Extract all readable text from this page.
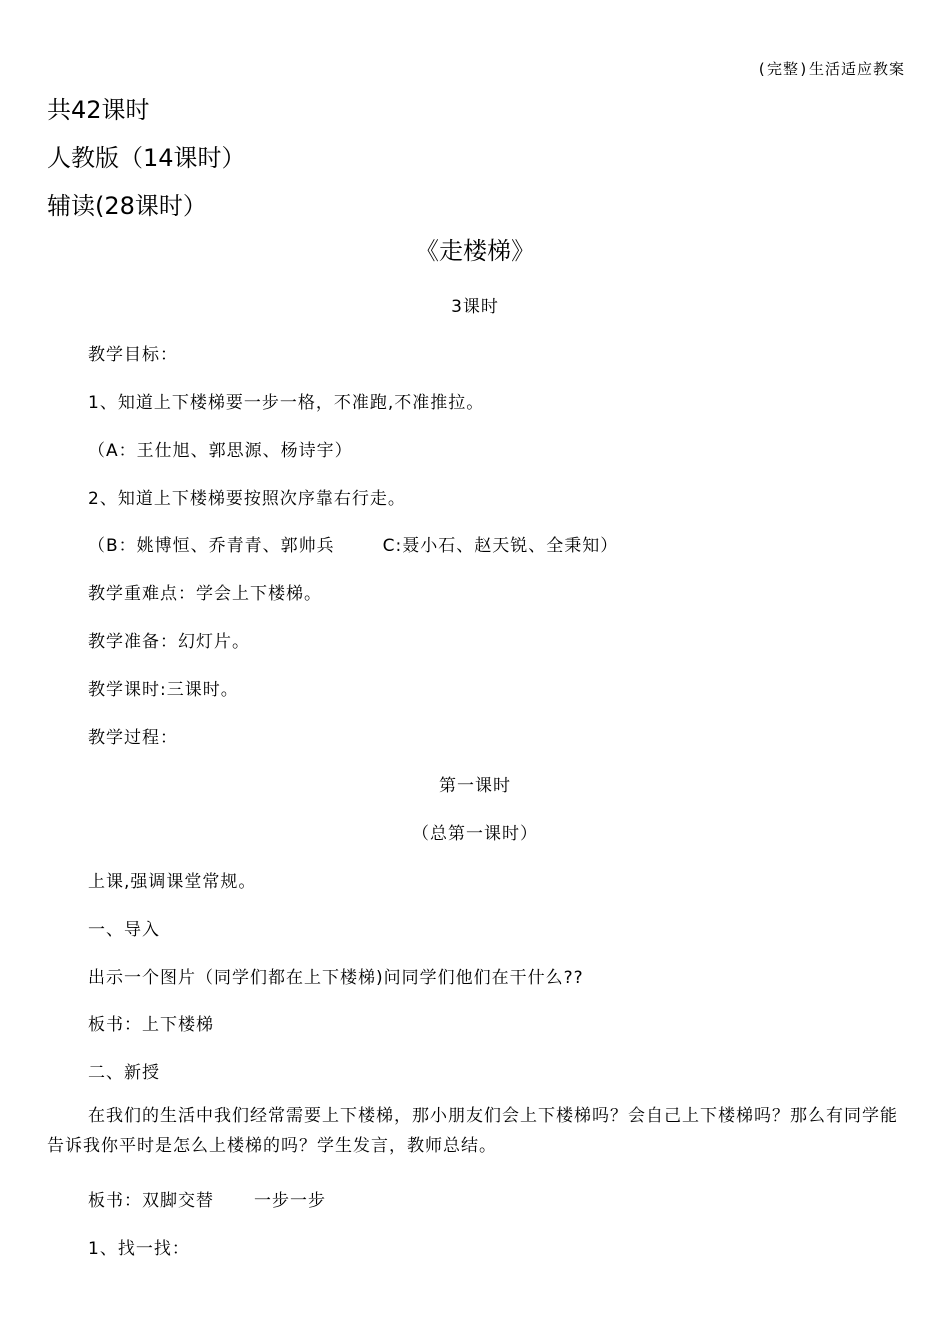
(完整)生活适应教案
共42课时
人教版（14课时）
辅读(28课时）
《走楼梯》
3课时
教学目标：
1、知道上下楼梯要一步一格，不准跑,不准推拉。
（A：王仕旭、郭思源、杨诗宇）
2、知道上下楼梯要按照次序靠右行走。
（B：姚博恒、乔青青、郭帅兵	C:聂小石、赵天锐、全秉知）
教学重难点：学会上下楼梯。
教学准备：幻灯片。
教学课时:三课时。
教学过程：
第一课时
（总第一课时）
上课,强调课堂常规。
一、导入
出示一个图片（同学们都在上下楼梯)问同学们他们在干什么??
板书：上下楼梯
二、新授
在我们的生活中我们经常需要上下楼梯，那小朋友们会上下楼梯吗？会自己上下楼梯吗？那么有同学能告诉我你平时是怎么上楼梯的吗？学生发言，教师总结。
板书：双脚交替 一步一步
1、找一找：
